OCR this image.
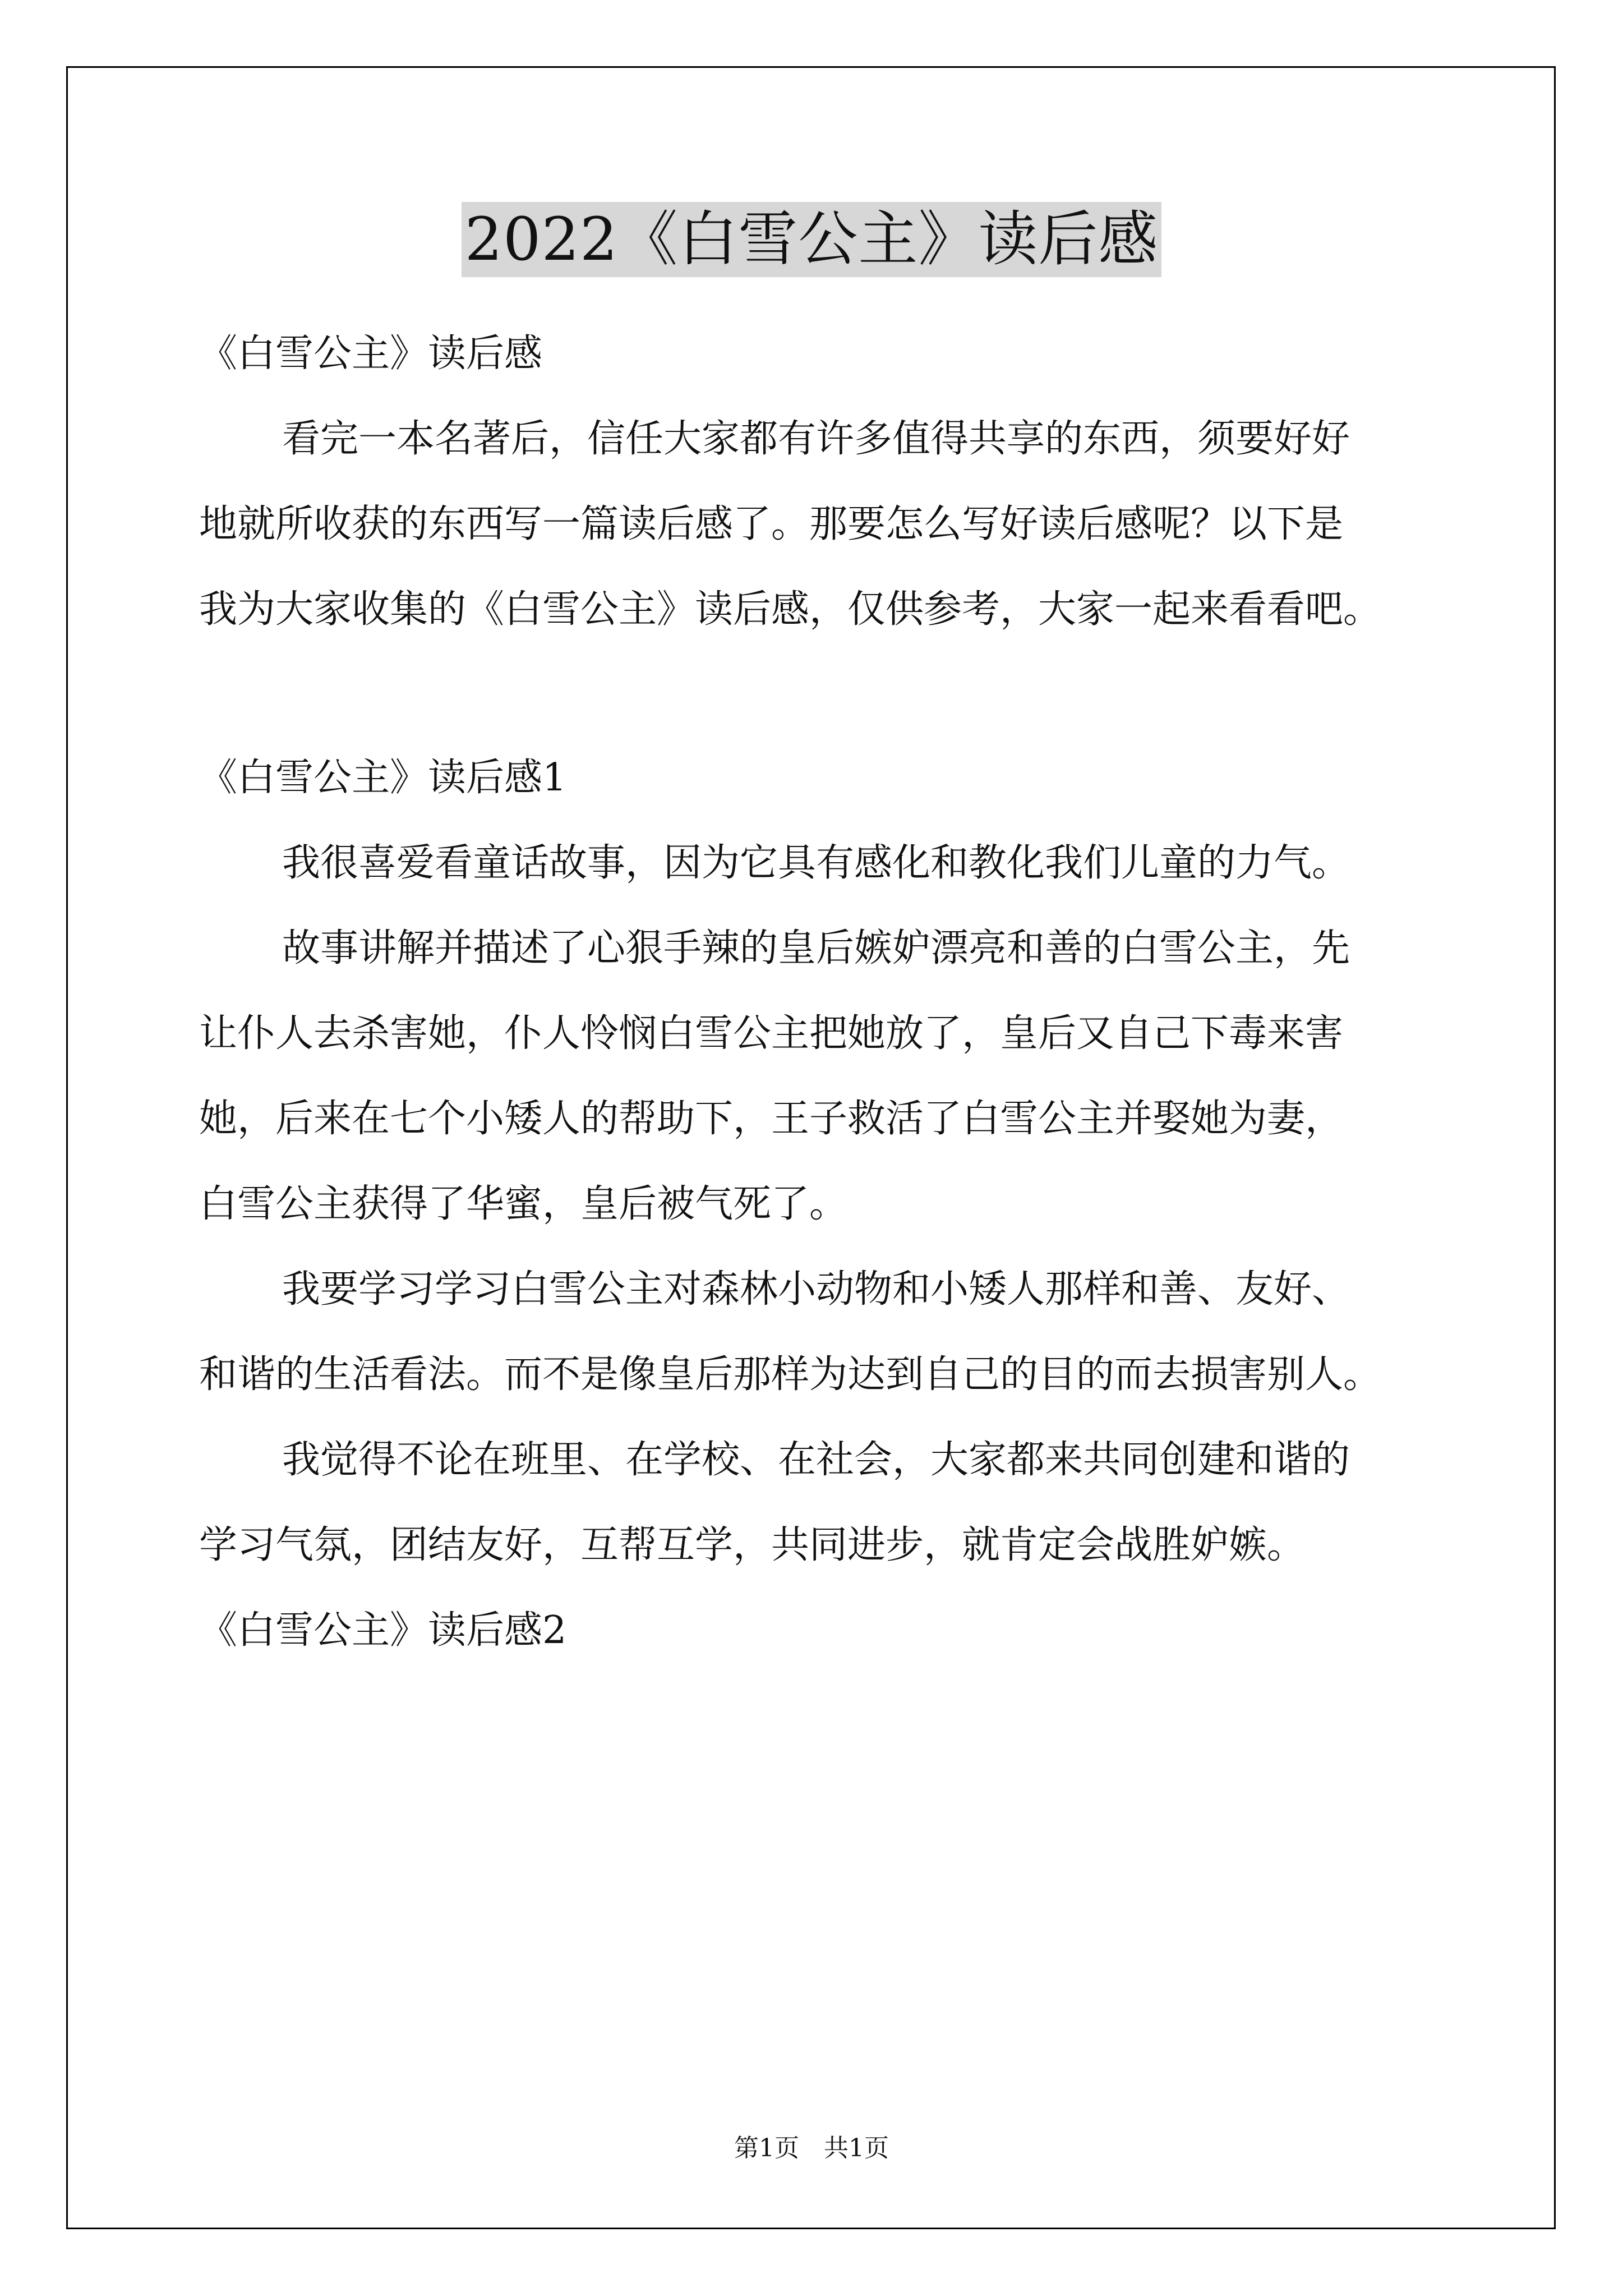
2022《白雪公主》读后感
《白雪公主》读后感
看完一本名著后，信任大家都有许多值得共享的东西，须要好好
地就所收获的东西写一篇读后感了。那要怎么写好读后感呢？以下是
我为大家收集的《白雪公主》读后感，仅供参考，大家一起来看看吧。
《白雪公主》读后感1
我很喜爱看童话故事，因为它具有感化和教化我们儿童的力气。
故事讲解并描述了心狠手辣的皇后嫉妒漂亮和善的白雪公主，先
让仆人去杀害她，仆人怜悯白雪公主把她放了，皇后又自己下毒来害
她，后来在七个小矮人的帮助下，王子救活了白雪公主并娶她为妻，
白雪公主获得了华蜜，皇后被气死了。
我要学习学习白雪公主对森林小动物和小矮人那样和善、友好、
和谐的生活看法。而不是像皇后那样为达到自己的目的而去损害别人。
我觉得不论在班里、在学校、在社会，大家都来共同创建和谐的
学习气氛，团结友好，互帮互学，共同进步，就肯定会战胜妒嫉。
《白雪公主》读后感2
第1页　共1页
